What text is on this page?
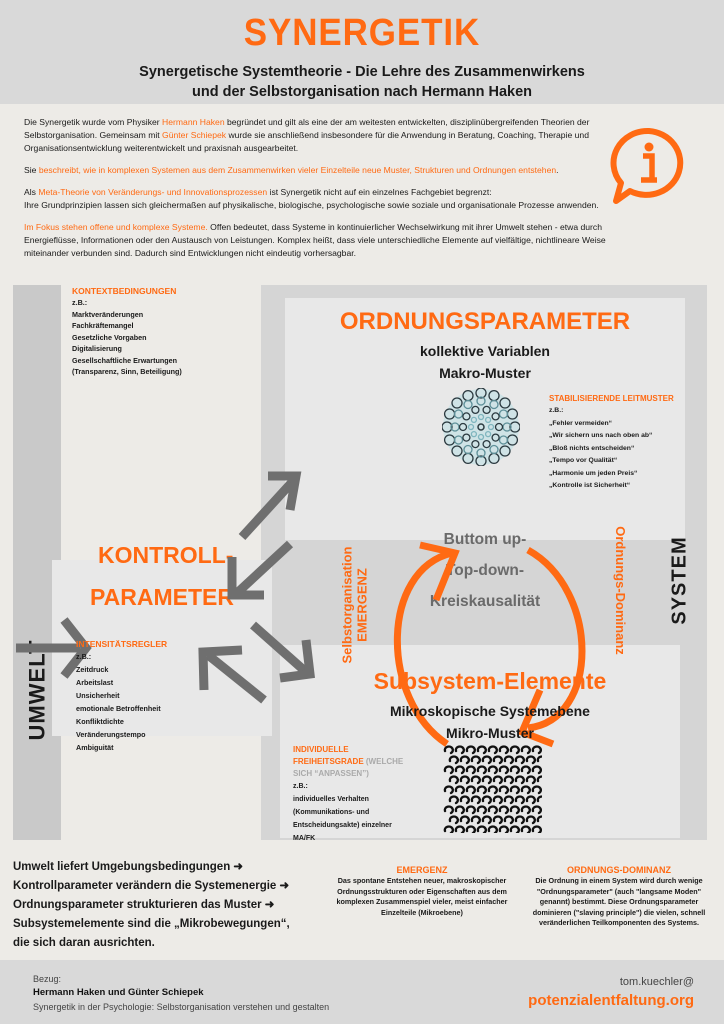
SYNERGETIK
Synergetische Systemtheorie - Die Lehre des Zusammenwirkens
und der Selbstorganisation nach Hermann Haken

Die Synergetik wurde vom Physiker Hermann Haken begründet und gilt als eine der am weitesten entwickelten, disziplinübergreifenden Theorien der Selbstorganisation. Gemeinsam mit Günter Schiepek wurde sie anschließend insbesondere für die Anwendung in Beratung, Coaching, Therapie und Organisationsentwicklung weiterentwickelt und praxisnah ausgearbeitet.

Sie beschreibt, wie in komplexen Systemen aus dem Zusammenwirken vieler Einzelteile neue Muster, Strukturen und Ordnungen entstehen.

Als Meta-Theorie von Veränderungs- und Innovationsprozessen ist Synergetik nicht auf ein einzelnes Fachgebiet begrenzt:
Ihre Grundprinzipien lassen sich gleichermaßen auf physikalische, biologische, psychologische sowie soziale und organisationale Prozesse anwenden.

Im Fokus stehen offene und komplexe Systeme. Offen bedeutet, dass Systeme in kontinuierlicher Wechselwirkung mit ihrer Umwelt stehen - etwa durch Energieflüsse, Informationen oder den Austausch von Leistungen. Komplex heißt, dass viele unterschiedliche Elemente auf vielfältige, nichtlineare Weise miteinander verbunden sind. Dadurch sind Entwicklungen nicht eindeutig vorhersagbar.

UMWELT
SYSTEM
KONTEXTBEDINGUNGEN
z.B.:
Marktveränderungen
Fachkräftemangel
Gesetzliche Vorgaben
Digitalisierung
Gesellschaftliche Erwartungen
(Transparenz, Sinn, Beteiligung)
ORDNUNGSPARAMETER
kollektive Variablen
Makro-Muster
STABILISIERENDE LEITMUSTER
z.B.:
„Fehler vermeiden“
„Wir sichern uns nach oben ab“
„Bloß nichts entscheiden“
„Tempo vor Qualität“
„Harmonie um jeden Preis“
„Kontrolle ist Sicherheit“
KONTROLL-
PARAMETER
Buttom up-
Top-down-
Kreiskausalität
Selbstorganisation EMERGENZ	Ordnungs-Dominanz
INTENSITÄTSREGLER
z.B.:
Zeitdruck
Arbeitslast
Unsicherheit
emotionale Betroffenheit
Konfliktdichte
Veränderungstempo
Ambiguität
Subsystem-Elemente
Mikroskopische Systemebene
Mikro-Muster
INDIVIDUELLE
FREIHEITSGRADE (WELCHE
SICH “ANPASSEN”)
z.B.:
individuelles Verhalten
(Kommunikations- und
Entscheidungsakte) einzelner
MA/FK
Umwelt liefert Umgebungsbedingungen ➜
Kontrollparameter verändern die Systemenergie ➜
Ordnungsparameter strukturieren das Muster ➜
Subsystemelemente sind die „Mikrobewegungen“,
die sich daran ausrichten.
EMERGENZ
Das spontane Entstehen neuer, makroskopischer Ordnungsstrukturen oder Eigenschaften aus dem komplexen Zusammenspiel vieler, meist einfacher Einzelteile (Mikroebene)
ORDNUNGS-DOMINANZ
Die Ordnung in einem System wird durch wenige "Ordnungsparameter" (auch "langsame Moden" genannt) bestimmt. Diese Ordnungsparameter dominieren ("slaving principle") die vielen, schnell veränderlichen Teilkomponenten des Systems.
Bezug:
Hermann Haken und Günter Schiepek
Synergetik in der Psychologie: Selbstorganisation verstehen und gestalten
tom.kuechler@
potenzialentfaltung.org
